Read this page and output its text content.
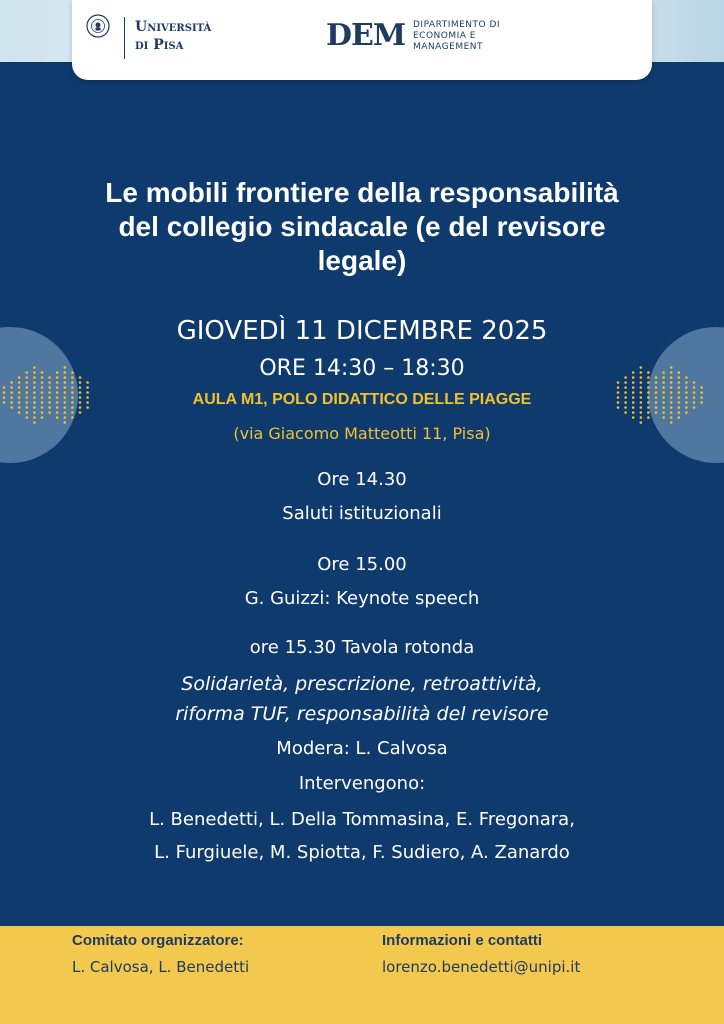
Università
di Pisa	DEM DIPARTIMENTO DI
ECONOMIA E
MANAGEMENT
Le mobili frontiere della responsabilità
del collegio sindacale (e del revisore
legale)
GIOVEDÌ 11 DICEMBRE 2025
ORE 14:30 – 18:30
AULA M1, POLO DIDATTICO DELLE PIAGGE
(via Giacomo Matteotti 11, Pisa)
Ore 14.30
Saluti istituzionali
Ore 15.00
G. Guizzi: Keynote speech
ore 15.30 Tavola rotonda
Solidarietà, prescrizione, retroattività,
riforma TUF, responsabilità del revisore
Modera: L. Calvosa
Intervengono:
L. Benedetti, L. Della Tommasina, E. Fregonara,
L. Furgiuele, M. Spiotta, F. Sudiero, A. Zanardo
Comitato organizzatore:
L. Calvosa, L. Benedetti
Informazioni e contatti
lorenzo.benedetti@unipi.it
